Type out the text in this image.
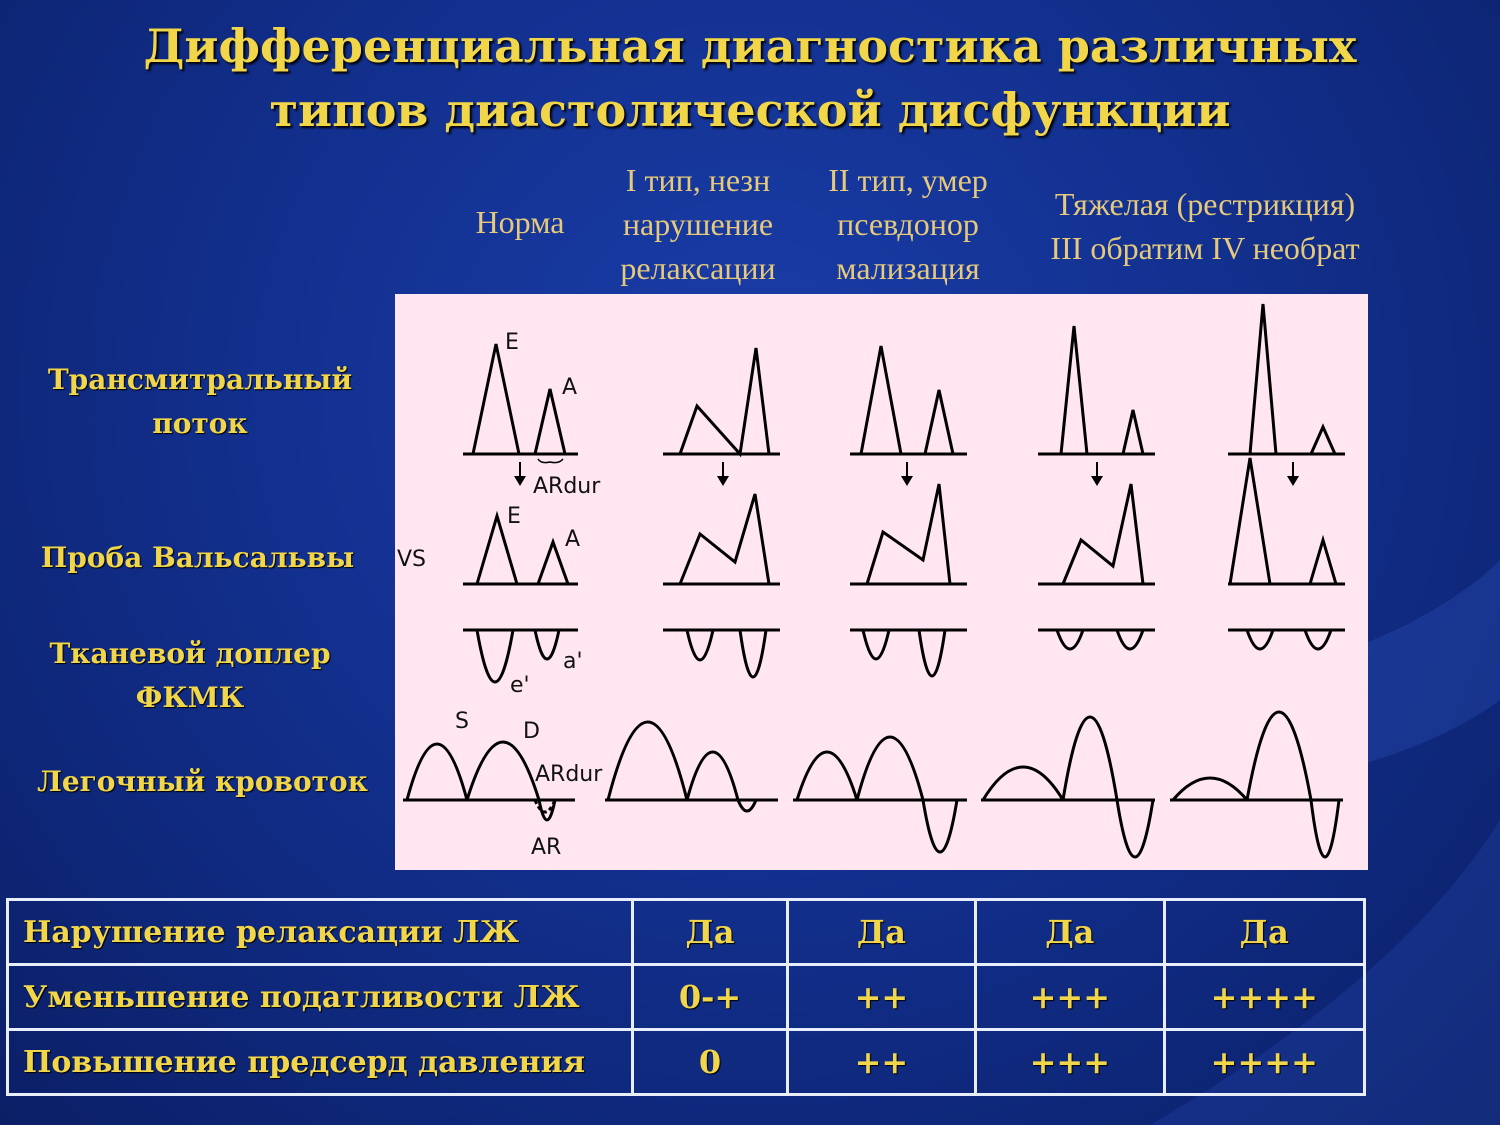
Дифференциальная диагностика различных
типов диастолической дисфункции
Норма
I тип, незн
нарушение
релаксации
II тип, умер
псевдонор
мализация
Тяжелая (рестрикция)
III обратим IV необрат
Трансмитральный
поток
Проба Вальсальвы
Тканевой доплер
ФКМК
Легочный кровоток
E
A
ARdur
VS
E
A
e'
a'
S D
ARdur
AR
Нарушение релаксации ЛЖ	Да	Да	Да	Да
Уменьшение податливости ЛЖ	0-+	++	+++	++++
Повышение предсерд давления	0	++	+++	++++
